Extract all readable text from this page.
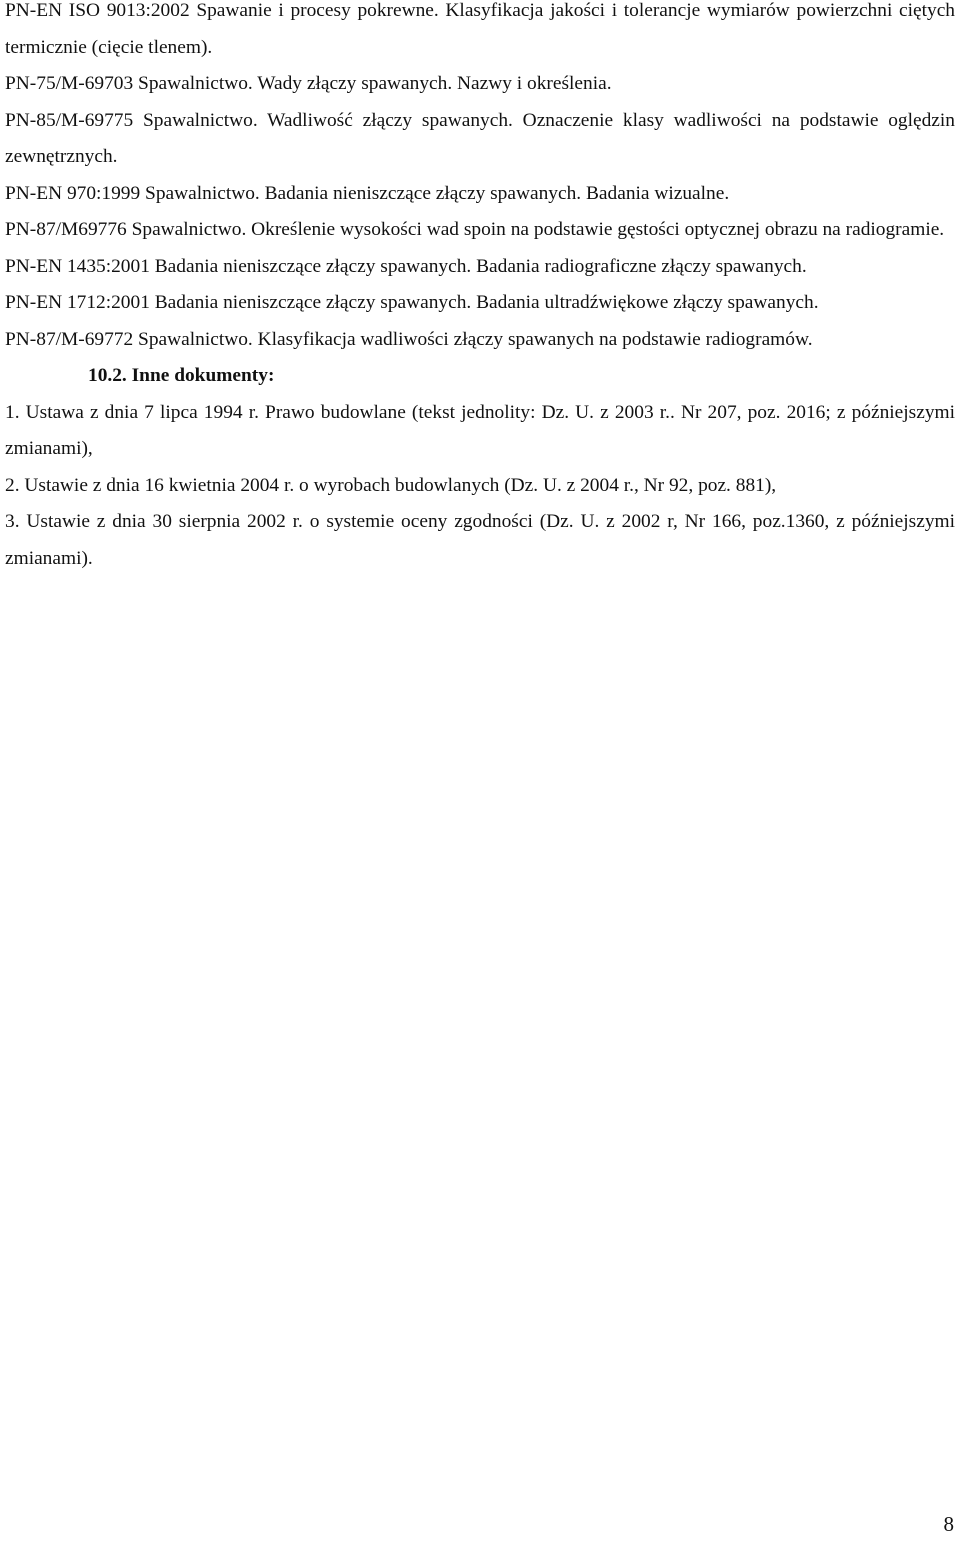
PN-EN ISO 9013:2002 Spawanie i procesy pokrewne. Klasyfikacja jakości i tolerancje wymiarów powierzchni ciętych termicznie (cięcie tlenem).

PN-75/M-69703 Spawalnictwo. Wady złączy spawanych. Nazwy i określenia.

PN-85/M-69775 Spawalnictwo. Wadliwość złączy spawanych. Oznaczenie klasy wadliwości na podstawie oględzin zewnętrznych.

PN-EN 970:1999 Spawalnictwo. Badania nieniszczące złączy spawanych. Badania wizualne.

PN-87/M69776 Spawalnictwo. Określenie wysokości wad spoin na podstawie gęstości optycznej obrazu na radiogramie.

PN-EN 1435:2001 Badania nieniszczące złączy spawanych. Badania radiograficzne złączy spawanych.

PN-EN 1712:2001 Badania nieniszczące złączy spawanych. Badania ultradźwiękowe złączy spawanych.

PN-87/M-69772 Spawalnictwo. Klasyfikacja wadliwości złączy spawanych na podstawie radiogramów.

10.2. Inne dokumenty:

1. Ustawa z dnia 7 lipca 1994 r. Prawo budowlane (tekst jednolity: Dz. U. z 2003 r.. Nr 207, poz. 2016; z późniejszymi zmianami),

2. Ustawie z dnia 16 kwietnia 2004 r. o wyrobach budowlanych (Dz. U. z 2004 r., Nr 92, poz. 881),

3. Ustawie z dnia 30 sierpnia 2002 r. o systemie oceny zgodności (Dz. U. z 2002 r, Nr 166, poz.1360, z późniejszymi zmianami).

8
